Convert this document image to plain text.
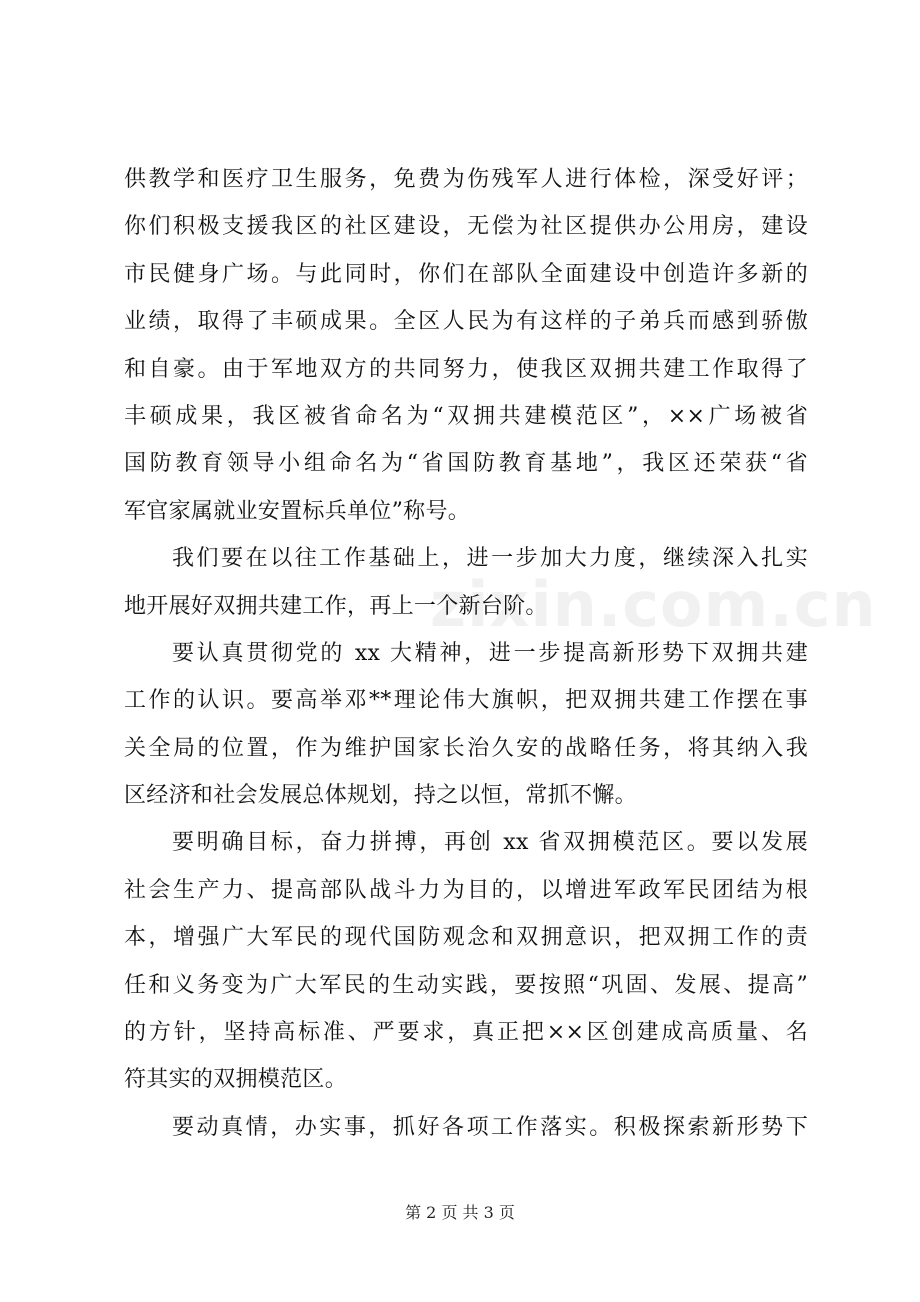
zixin.com.cn
供教学和医疗卫生服务，免费为伤残军人进行体检，深受好评；
你们积极支援我区的社区建设，无偿为社区提供办公用房，建设
市民健身广场。与此同时，你们在部队全面建设中创造许多新的
业绩，取得了丰硕成果。全区人民为有这样的子弟兵而感到骄傲
和自豪。由于军地双方的共同努力，使我区双拥共建工作取得了
丰硕成果，我区被省命名为“双拥共建模范区”，××广场被省
国防教育领导小组命名为“省国防教育基地”，我区还荣获“省
军官家属就业安置标兵单位”称号。
我们要在以往工作基础上，进一步加大力度，继续深入扎实
地开展好双拥共建工作，再上一个新台阶。
要认真贯彻党的 xx 大精神，进一步提高新形势下双拥共建
工作的认识。要高举邓**理论伟大旗帜，把双拥共建工作摆在事
关全局的位置，作为维护国家长治久安的战略任务，将其纳入我
区经济和社会发展总体规划，持之以恒，常抓不懈。
要明确目标，奋力拼搏，再创 xx 省双拥模范区。要以发展
社会生产力、提高部队战斗力为目的，以增进军政军民团结为根
本，增强广大军民的现代国防观念和双拥意识，把双拥工作的责
任和义务变为广大军民的生动实践，要按照“巩固、发展、提高”
的方针，坚持高标准、严要求，真正把××区创建成高质量、名
符其实的双拥模范区。
要动真情，办实事，抓好各项工作落实。积极探索新形势下
第 2 页 共 3 页
